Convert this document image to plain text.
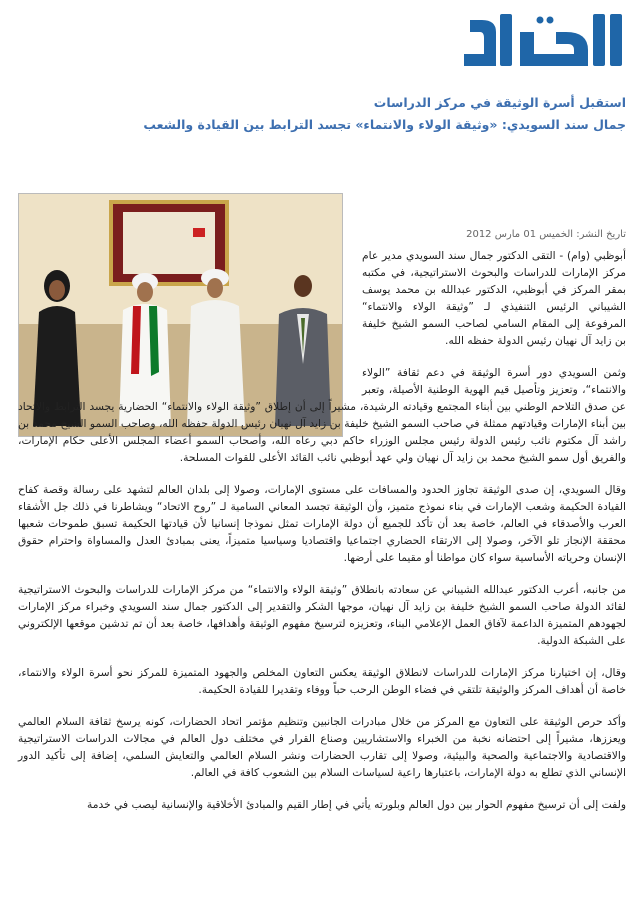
استقبل أسرة الوثيقة في مركز الدراسات
جمال سند السويدي: «وثيقة الولاء والانتماء» تجسد الترابط بين القيادة والشعب
تاريخ النشر: الخميس 01 مارس 2012

أبوظبي (وام) - التقى الدكتور جمال سند السويدي مدير عام مركز الإمارات للدراسات والبحوث الاستراتيجية، في مكتبه بمقر المركز في أبوظبي، الدكتور عبدالله بن محمد يوسف الشيباني الرئيس التنفيذي لـ ”وثيقة الولاء والانتماء“ المرفوعة إلى المقام السامي لصاحب السمو الشيخ خليفة بن زايد آل نهيان رئيس الدولة حفظه الله.

وثمن السويدي دور أسرة الوثيقة في دعم ثقافة ”الولاء والانتماء“، وتعزيز وتأصيل قيم الهوية الوطنية الأصيلة، وتعبر عن صدق التلاحم الوطني بين أبناء المجتمع وقيادته الرشيدة، مشيراً إلى أن إطلاق ”وثيقة الولاء والانتماء“ الحضارية يجسد الترابط والاتحاد بين أبناء الإمارات وقيادتهم ممثلة في صاحب السمو الشيخ خليفة بن زايد آل نهيان رئيس الدولة حفظه الله، وصاحب السمو الشيخ محمد بن راشد آل مكتوم نائب رئيس الدولة رئيس مجلس الوزراء حاكم دبي رعاه الله، وأصحاب السمو أعضاء المجلس الأعلى حكام الإمارات، والفريق أول سمو الشيخ محمد بن زايد آل نهيان ولي عهد أبوظبي نائب القائد الأعلى للقوات المسلحة.

وقال السويدي، إن صدى الوثيقة تجاوز الحدود والمسافات على مستوى الإمارات، وصولا إلى بلدان العالم لتشهد على رسالة وقصة كفاح القيادة الحكيمة وشعب الإمارات في بناء نموذج متميز، وأن الوثيقة تجسد المعاني السامية لـ ”روح الاتحاد“ ويشاطرنا في ذلك جل الأشقاء العرب والأصدقاء في العالم، خاصة بعد أن تأكد للجميع أن دولة الإمارات تمثل نموذجا إنسانيا لأن قيادتها الحكيمة تسبق طموحات شعبها محققة الإنجاز تلو الآخر، وصولا إلى الارتقاء الحضاري اجتماعيا واقتصاديا وسياسيا متميزاً، يعنى بمبادئ العدل والمساواة واحترام حقوق الإنسان وحرياته الأساسية سواء كان مواطنا أو مقيما على أرضها.

من جانبه، أعرب الدكتور عبدالله الشيباني عن سعادته بانطلاق ”وثيقة الولاء والانتماء“ من مركز الإمارات للدراسات والبحوث الاستراتيجية لقائد الدولة صاحب السمو الشيخ خليفة بن زايد آل نهيان، موجها الشكر والتقدير إلى الدكتور جمال سند السويدي وخبراء مركز الإمارات لجهودهم المتميزة الداعمة لآفاق العمل الإعلامي البناء، وتعزيزه لترسيخ مفهوم الوثيقة وأهدافها، خاصة بعد أن تم تدشين موقعها الإلكتروني على الشبكة الدولية.

وقال، إن اختيارنا مركز الإمارات للدراسات لانطلاق الوثيقة يعكس التعاون المخلص والجهود المتميزة للمركز نحو أسرة الولاء والانتماء، خاصة أن أهداف المركز والوثيقة تلتقي في فضاء الوطن الرحب حباً ووفاء وتقديرا للقيادة الحكيمة.

وأكد حرص الوثيقة على التعاون مع المركز من خلال مبادرات الجانبين وتنظيم مؤتمر اتحاد الحضارات، كونه يرسخ ثقافة السلام العالمي ويعززها، مشيراً إلى احتضانه نخبة من الخبراء والاستشاريين وصناع القرار في مختلف دول العالم في مجالات الدراسات الاستراتيجية والاقتصادية والاجتماعية والصحية والبيئية، وصولا إلى تقارب الحضارات ونشر السلام العالمي والتعايش السلمي، إضافة إلى تأكيد الدور الإنساني الذي تطلع به دولة الإمارات، باعتبارها راعية لسياسات السلام بين الشعوب كافة في العالم.

ولفت إلى أن ترسيخ مفهوم الحوار بين دول العالم وبلورته يأتي في إطار القيم والمبادئ الأخلاقية والإنسانية ليصب في خدمة
